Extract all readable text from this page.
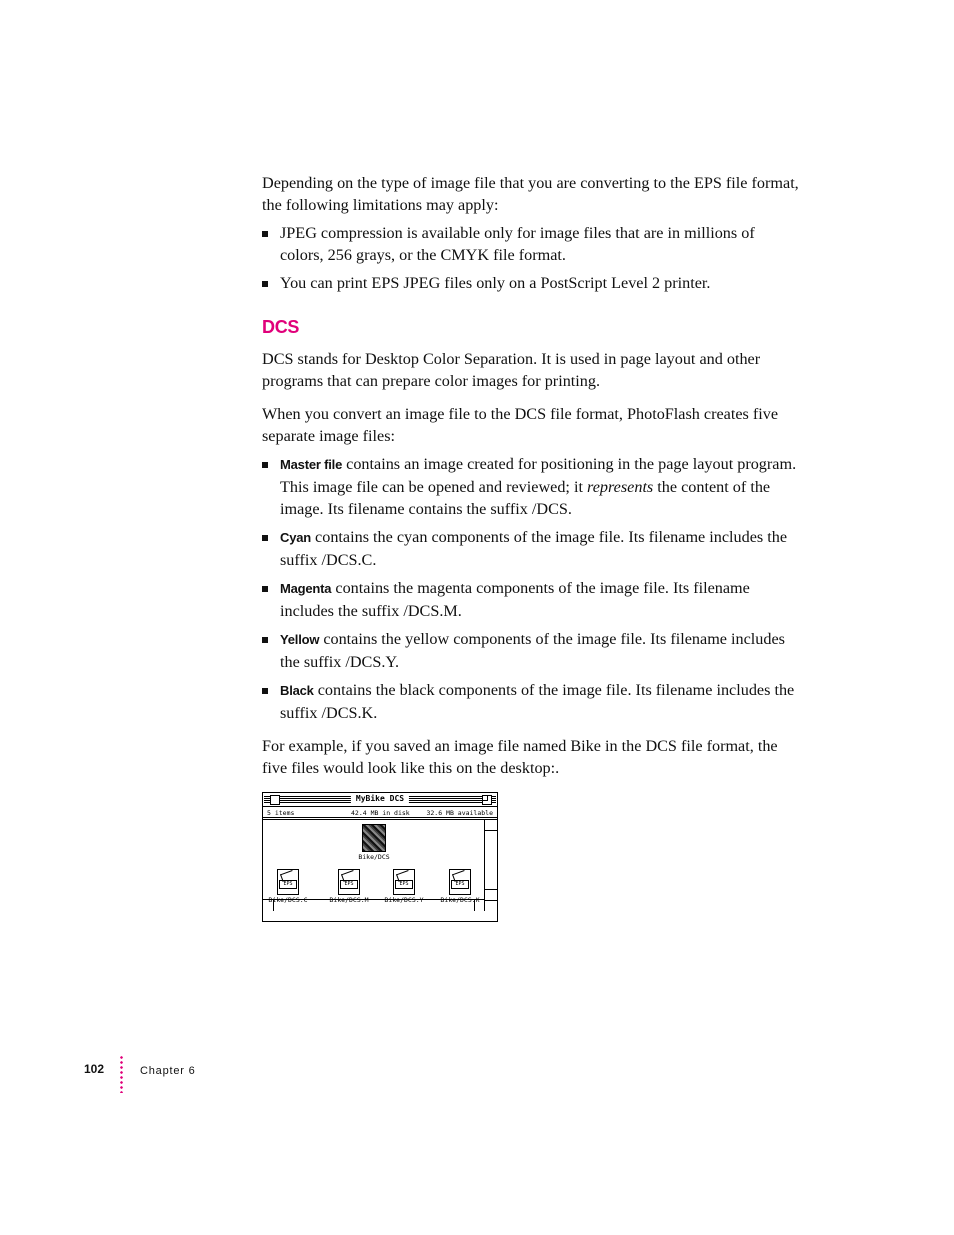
Depending on the type of image file that you are converting to the EPS file format, the following limitations may apply:

JPEG compression is available only for image files that are in millions of colors, 256 grays, or the CMYK file format.
You can print EPS JPEG files only on a PostScript Level 2 printer.
DCS

DCS stands for Desktop Color Separation. It is used in page layout and other programs that can prepare color images for printing.

When you convert an image file to the DCS file format, PhotoFlash creates five separate image files:

Master file contains an image created for positioning in the page layout program. This image file can be opened and reviewed; it represents the content of the image. Its filename contains the suffix /DCS.
Cyan contains the cyan components of the image file. Its filename includes the suffix /DCS.C.
Magenta contains the magenta components of the image file. Its filename includes the suffix /DCS.M.
Yellow contains the yellow components of the image file. Its filename includes the suffix /DCS.Y.
Black contains the black components of the image file. Its filename includes the suffix /DCS.K.

For example, if you saved an image file named Bike in the DCS file format, the five files would look like this on the desktop:.

MyBike DCS
5 items	42.4 MB in disk	32.6 MB available
Bike/DCS
EPS
Bike/DCS.C
EPS
Bike/DCS.M
EPS
Bike/DCS.Y
EPS
Bike/DCS.K
102	Chapter 6
